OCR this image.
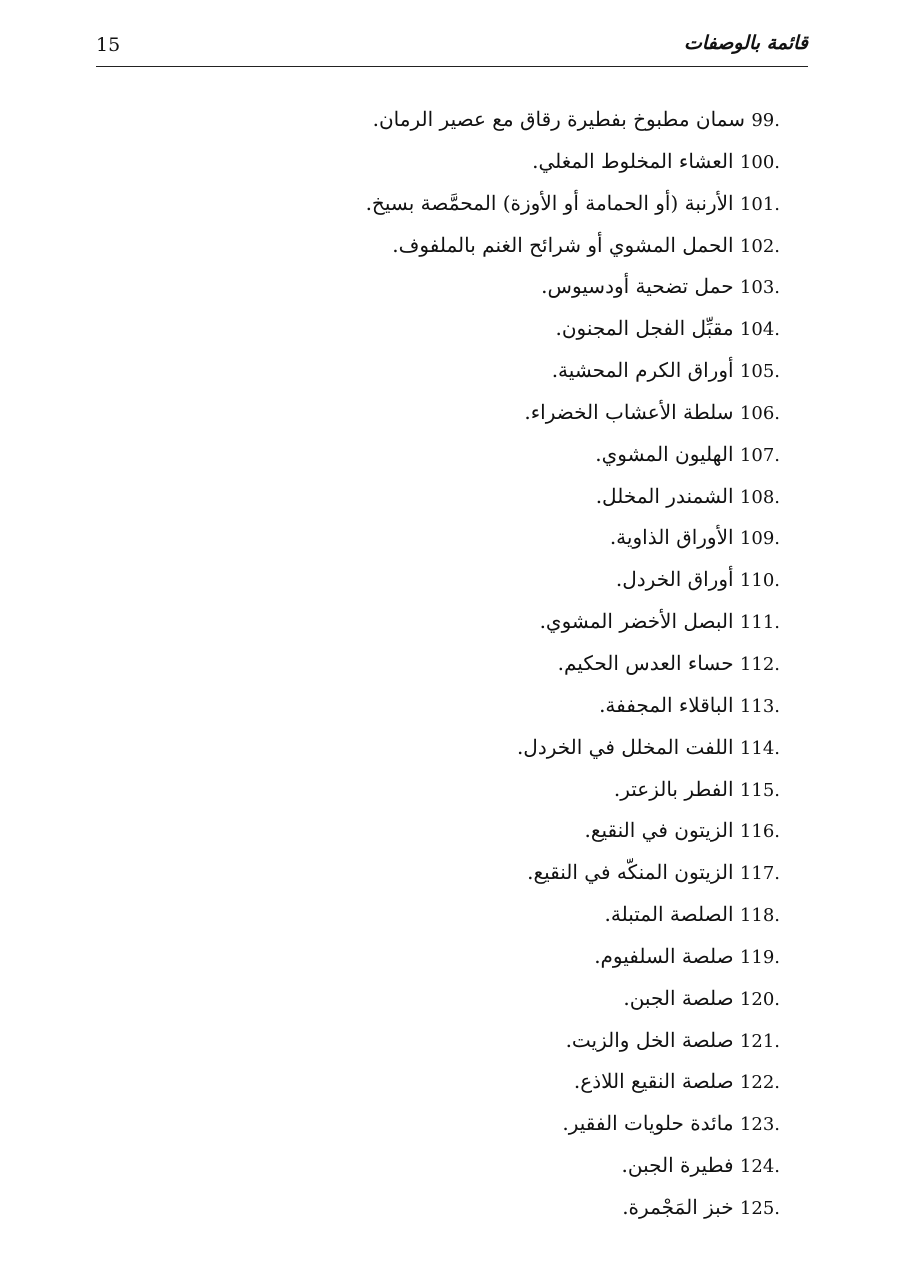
15	قائمة بالوصفات
99. سمان مطبوخ بفطيرة رقاق مع عصير الرمان.
100. العشاء المخلوط المغلي.
101. الأرنبة (أو الحمامة أو الأوزة) المحمَّصة بسيخ.
102. الحمل المشوي أو شرائح الغنم بالملفوف.
103. حمل تضحية أودسيوس.
104. مقبِّل الفجل المجنون.
105. أوراق الكرم المحشية.
106. سلطة الأعشاب الخضراء.
107. الهليون المشوي.
108. الشمندر المخلل.
109. الأوراق الذاوية.
110. أوراق الخردل.
111. البصل الأخضر المشوي.
112. حساء العدس الحكيم.
113. الباقلاء المجففة.
114. اللفت المخلل في الخردل.
115. الفطر بالزعتر.
116. الزيتون في النقيع.
117. الزيتون المنكّه في النقيع.
118. الصلصة المتبلة.
119. صلصة السلفيوم.
120. صلصة الجبن.
121. صلصة الخل والزيت.
122. صلصة النقيع اللاذع.
123. مائدة حلويات الفقير.
124. فطيرة الجبن.
125. خبز المَجْمرة.
